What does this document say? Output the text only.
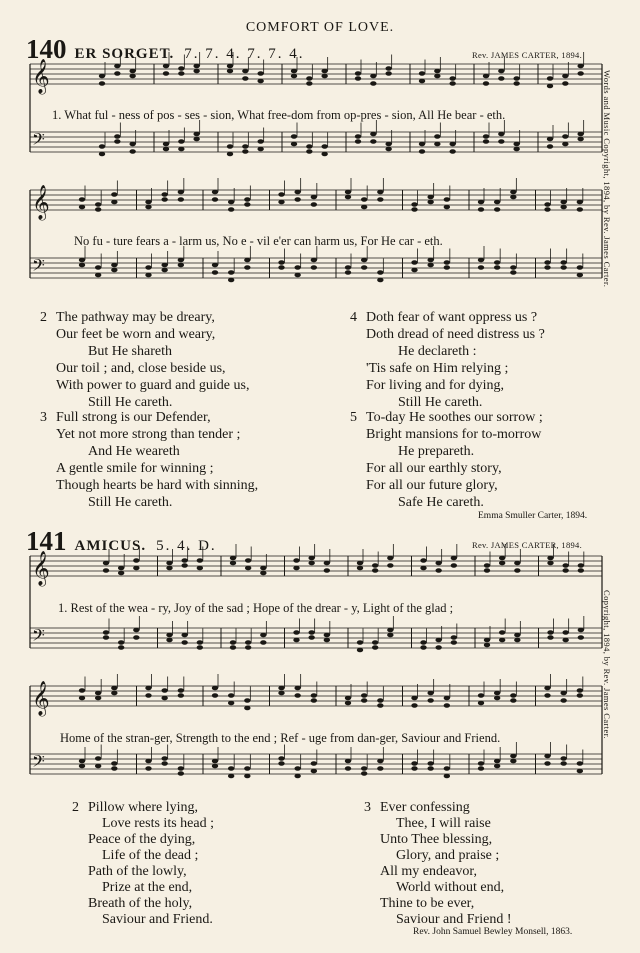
COMFORT OF LOVE.
140 ER SORGET. 7. 7. 4. 7. 7. 4.	Rev. JAMES CARTER, 1894.
Words and Music Copyright, 1894, by Rev. James Carter.
𝄞
𝄢
1. What ful - ness of pos - ses - sion, What free-dom from op-pres - sion, All He bear - eth.
𝄞
𝄢
No fu - ture fears a - larm us, No e - vil e'er can harm us, For He car - eth.
2 The pathway may be dreary,
Our feet be worn and weary,
But He shareth
Our toil ; and, close beside us,
With power to guard and guide us,
Still He careth.
3 Full strong is our Defender,
Yet not more strong than tender ;
And He weareth
A gentle smile for winning ;
Though hearts be hard with sinning,
Still He careth.
4 Doth fear of want oppress us ?
Doth dread of need distress us ?
He declareth :
'Tis safe on Him relying ;
For living and for dying,
Still He careth.
5 To-day He soothes our sorrow ;
Bright mansions for to-morrow
He prepareth.
For all our earthly story,
For all our future glory,
Safe He careth.
Emma Smuller Carter, 1894.
141 AMICUS. 5. 4. D.	Rev. JAMES CARTER, 1894.
Copyright, 1894, by Rev. James Carter.
𝄞
𝄢
1. Rest of the wea - ry, Joy of the sad ; Hope of the drear - y, Light of the glad ;
𝄞
𝄢
Home of the stran-ger, Strength to the end ; Ref - uge from dan-ger, Saviour and Friend.
2 Pillow where lying,
Love rests its head ;
Peace of the dying,
Life of the dead ;
Path of the lowly,
Prize at the end,
Breath of the holy,
Saviour and Friend.
3 Ever confessing
Thee, I will raise
Unto Thee blessing,
Glory, and praise ;
All my endeavor,
World without end,
Thine to be ever,
Saviour and Friend !
Rev. John Samuel Bewley Monsell, 1863.
